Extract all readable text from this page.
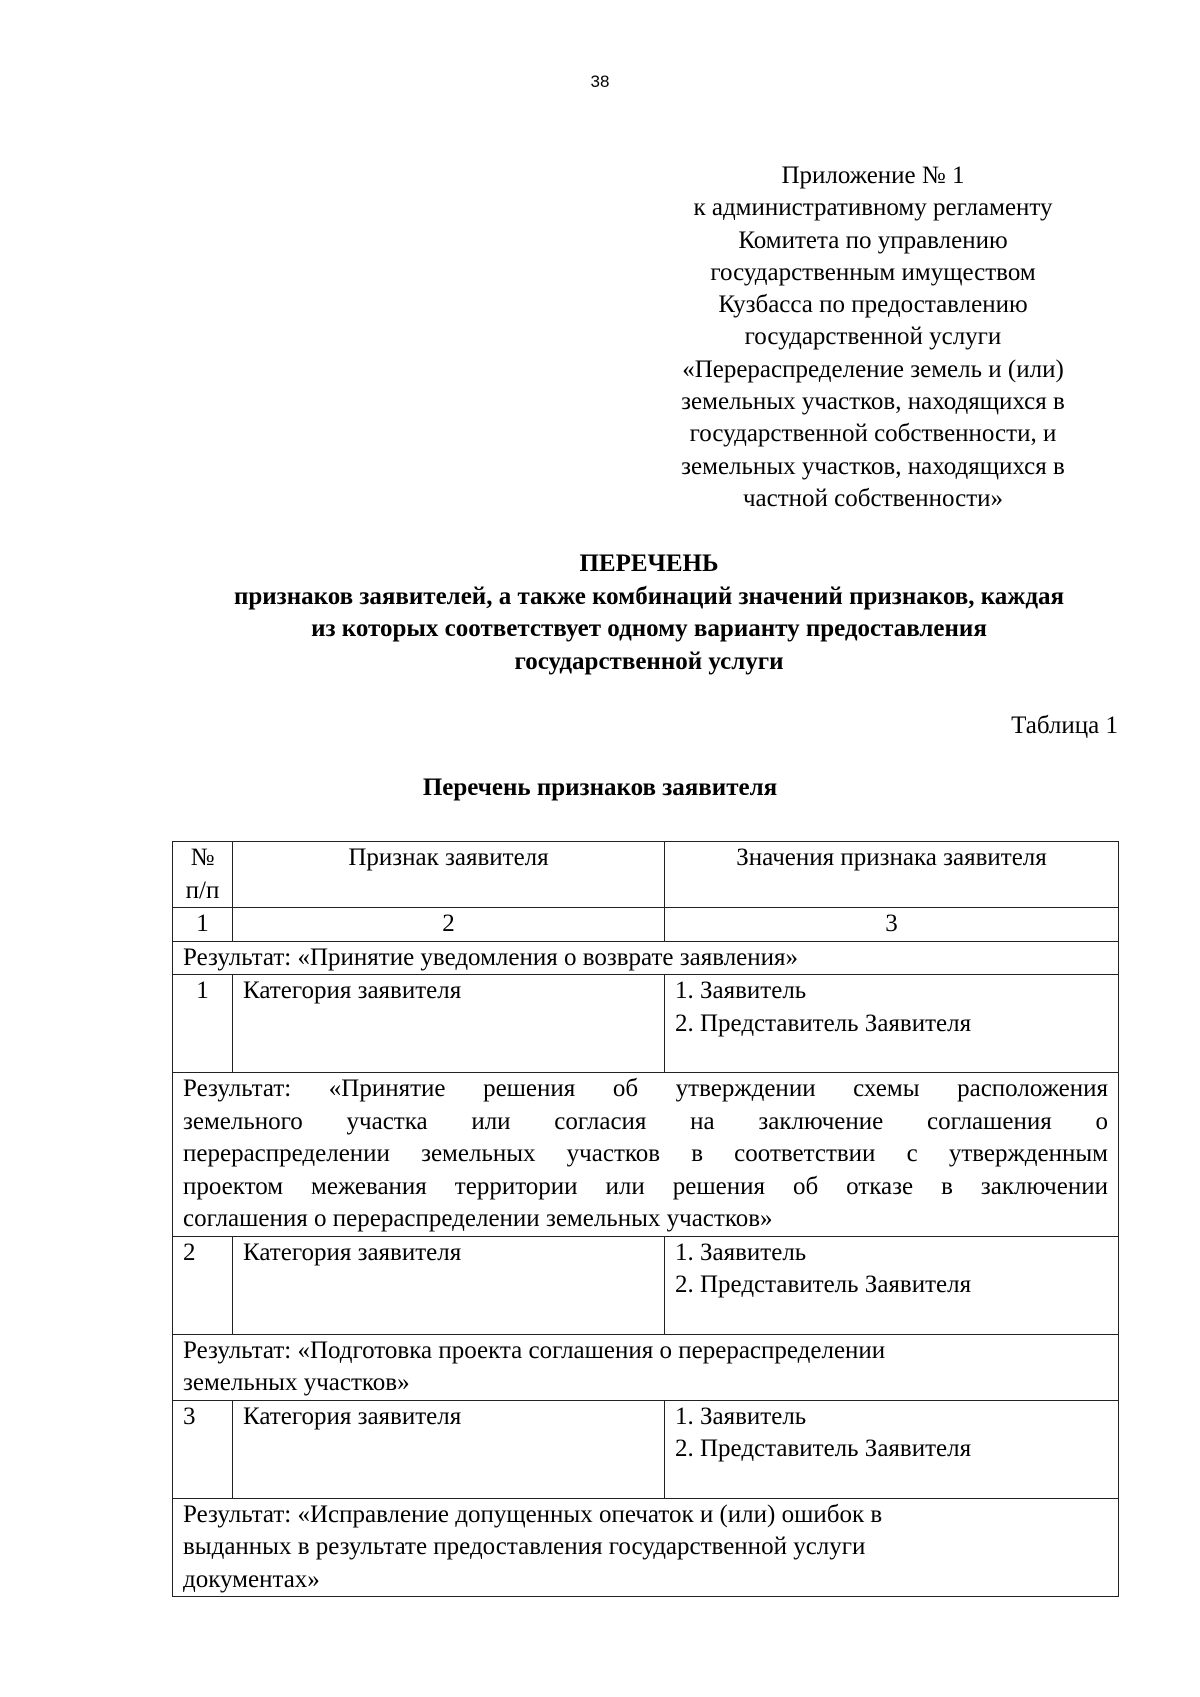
38
Приложение № 1
к административному регламенту
Комитета по управлению
государственным имуществом
Кузбасса по предоставлению
государственной услуги
«Перераспределение земель и (или)
земельных участков, находящихся в
государственной собственности, и
земельных участков, находящихся в
частной собственности»
ПЕРЕЧЕНЬ
признаков заявителей, а также комбинаций значений признаков, каждая
из которых соответствует одному варианту предоставления
государственной услуги
Таблица 1
Перечень признаков заявителя
№
п/п	Признак заявителя	Значения признака заявителя
1	2	3
Результат: «Принятие уведомления о возврате заявления»		
1	Категория заявителя	1. Заявитель
2. Представитель Заявителя

Результат: «Принятие решения об утверждении схемы расположения
земельного участка или согласия на заключение соглашения о
перераспределении земельных участков в соответствии с утвержденным
проектом межевания территории или решения об отказе в заключении
соглашения о перераспределении земельных участков»		

2	Категория заявителя	1. Заявитель
2. Представитель Заявителя

Результат: «Подготовка проекта соглашения о перераспределении
земельных участков»		

3	Категория заявителя	1. Заявитель
2. Представитель Заявителя

Результат: «Исправление допущенных опечаток и (или) ошибок в
выданных в результате предоставления государственной услуги
документах»		
